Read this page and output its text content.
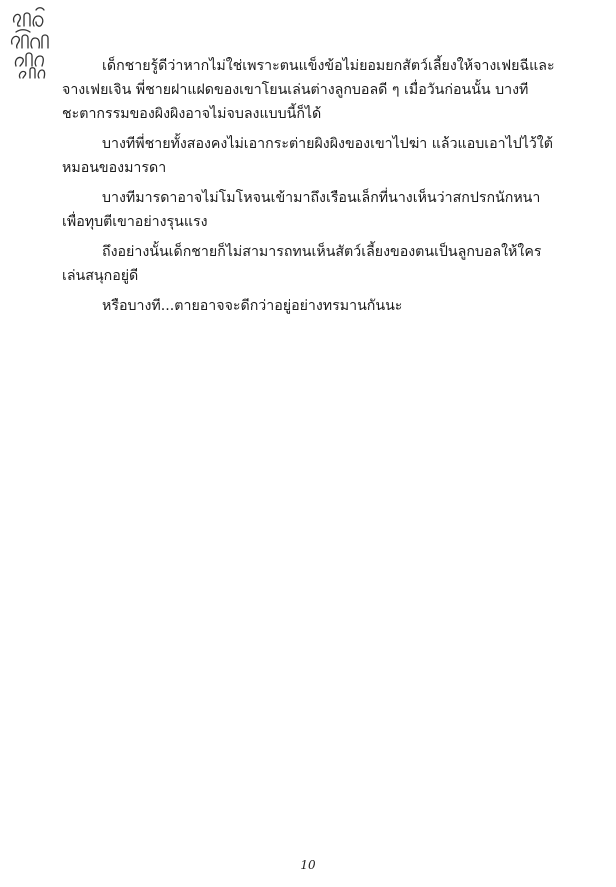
เด็กชายรู้ดีว่าหากไม่ใช่เพราะตนแข็งข้อไม่ยอมยกสัตว์เลี้ยงให้จางเฟยฉีและจางเฟยเจิน พี่ชายฝาแฝดของเขาโยนเล่นต่างลูกบอลดี ๆ เมื่อวันก่อนนั้น บางทีชะตากรรมของผิงผิงอาจไม่จบลงแบบนี้ก็ได้

บางทีพี่ชายทั้งสองคงไม่เอากระต่ายผิงผิงของเขาไปฆ่า แล้วแอบเอาไปไว้ใต้หมอนของมารดา

บางทีมารดาอาจไม่โมโหจนเข้ามาถึงเรือนเล็กที่นางเห็นว่าสกปรกนักหนาเพื่อทุบตีเขาอย่างรุนแรง

ถึงอย่างนั้นเด็กชายก็ไม่สามารถทนเห็นสัตว์เลี้ยงของตนเป็นลูกบอลให้ใครเล่นสนุกอยู่ดี

หรือบางที...ตายอาจจะดีกว่าอยู่อย่างทรมานกันนะ

10
